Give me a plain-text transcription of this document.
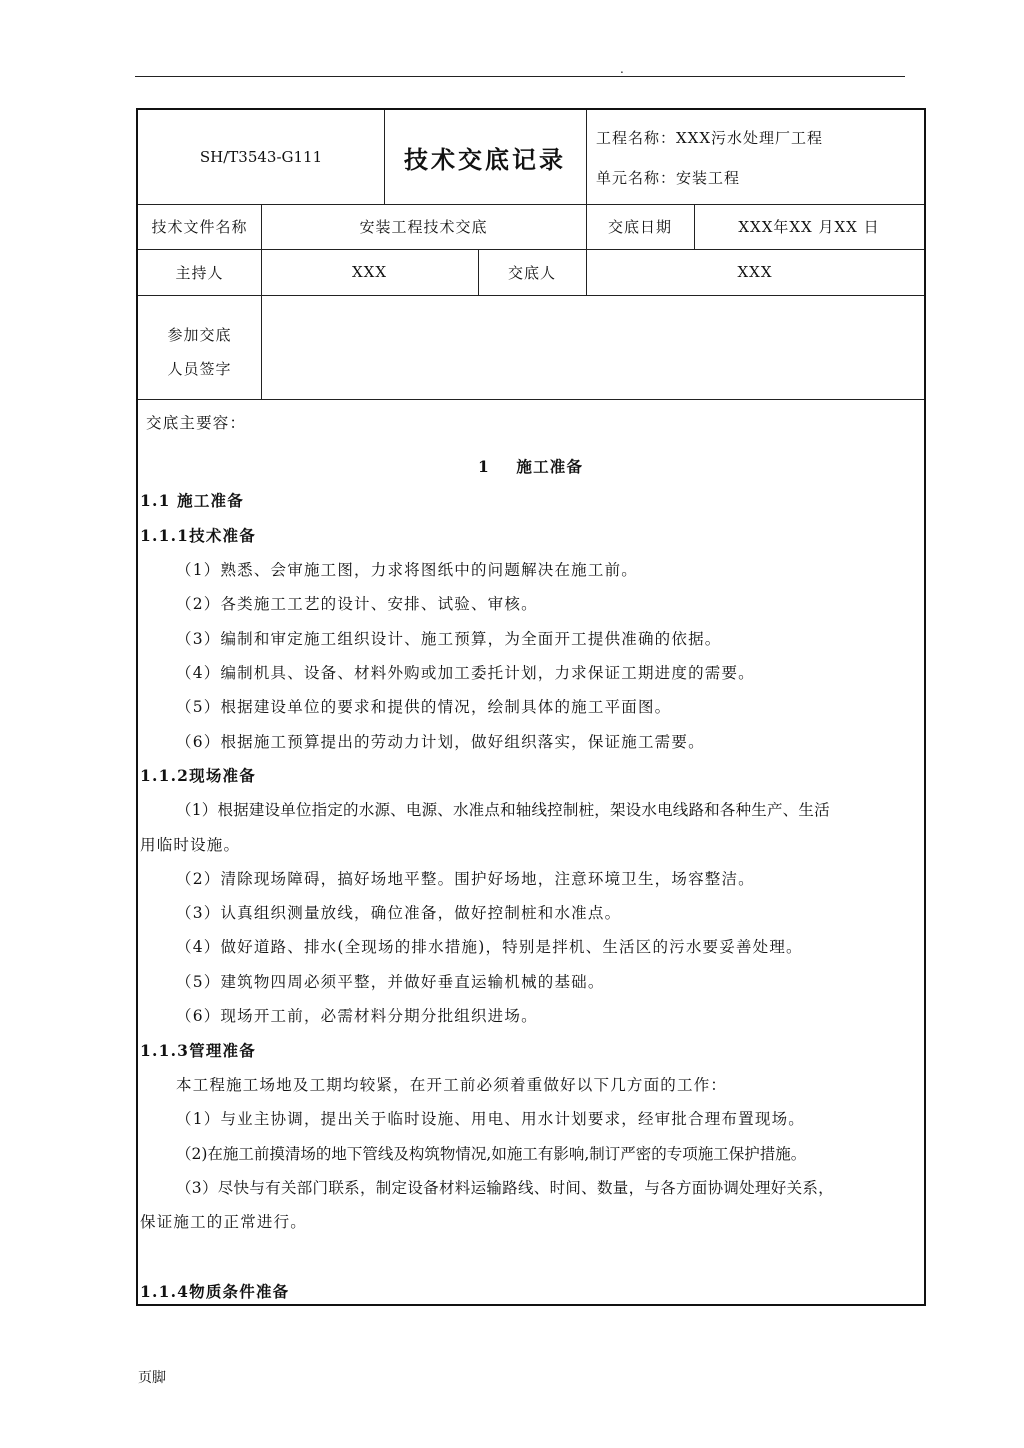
.
SH/T3543-G111	技术交底记录
工程名称：XXX污水处理厂工程
单元名称：安装工程
技术文件名称	安装工程技术交底	交底日期	XXX年XX 月XX 日
主持人	XXX	交底人	XXX
参加交底
人员签字
交底主要容：
1    施工准备
1.1 施工准备
1.1.1技术准备
（1）熟悉、会审施工图，力求将图纸中的问题解决在施工前。
（2）各类施工工艺的设计、安排、试验、审核。
（3）编制和审定施工组织设计、施工预算，为全面开工提供准确的依据。
（4）编制机具、设备、材料外购或加工委托计划，力求保证工期进度的需要。
（5）根据建设单位的要求和提供的情况，绘制具体的施工平面图。
（6）根据施工预算提出的劳动力计划，做好组织落实，保证施工需要。
1.1.2现场准备
（1）根据建设单位指定的水源、电源、水准点和轴线控制桩，架设水电线路和各种生产、生活
用临时设施。
（2）清除现场障碍，搞好场地平整。围护好场地，注意环境卫生，场容整洁。
（3）认真组织测量放线，确位准备，做好控制桩和水准点。
（4）做好道路、排水(全现场的排水措施)，特别是拌机、生活区的污水要妥善处理。
（5）建筑物四周必须平整，并做好垂直运输机械的基础。
（6）现场开工前，必需材料分期分批组织进场。
1.1.3管理准备
本工程施工场地及工期均较紧，在开工前必须着重做好以下几方面的工作：
（1）与业主协调，提出关于临时设施、用电、用水计划要求，经审批合理布置现场。
（2)在施工前摸清场的地下管线及构筑物情况,如施工有影响,制订严密的专项施工保护措施。
（3）尽快与有关部门联系，制定设备材料运输路线、时间、数量，与各方面协调处理好关系，
保证施工的正常进行。
1.1.4物质条件准备
页脚
